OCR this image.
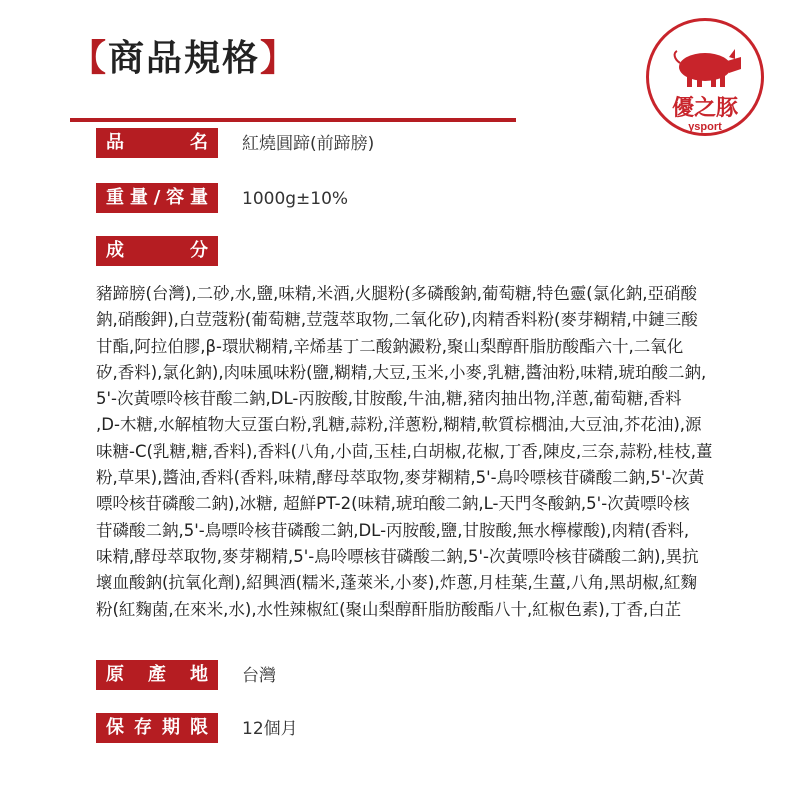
【商品規格】
優之豚
ysport
品	名 紅燒圓蹄(前蹄膀)
重 量 / 容 量 1000g±10%
成	分
豬蹄膀(台灣),二砂,水,鹽,味精,米酒,火腿粉(多磷酸鈉,葡萄糖,特色靈(氯化鈉,亞硝酸
鈉,硝酸鉀),白荳蔻粉(葡萄糖,荳蔻萃取物,二氧化矽),肉精香料粉(麥芽糊精,中鏈三酸
甘酯,阿拉伯膠,β-環狀糊精,辛烯基丁二酸鈉澱粉,聚山梨醇酐脂肪酸酯六十,二氧化
矽,香料),氯化鈉),肉味風味粉(鹽,糊精,大豆,玉米,小麥,乳糖,醬油粉,味精,琥珀酸二鈉,
5'-次黃嘌呤核苷酸二鈉,DL-丙胺酸,甘胺酸,牛油,糖,豬肉抽出物,洋蔥,葡萄糖,香料
,D-木糖,水解植物大豆蛋白粉,乳糖,蒜粉,洋蔥粉,糊精,軟質棕櫚油,大豆油,芥花油),源
味糖-C(乳糖,糖,香料),香料(八角,小茴,玉桂,白胡椒,花椒,丁香,陳皮,三奈,蒜粉,桂枝,薑
粉,草果),醬油,香料(香料,味精,酵母萃取物,麥芽糊精,5'-鳥呤嘌核苷磷酸二鈉,5'-次黃
嘌呤核苷磷酸二鈉),冰糖, 超鮮PT-2(味精,琥珀酸二鈉,L-天門冬酸鈉,5'-次黃嘌呤核
苷磷酸二鈉,5'-鳥嘌呤核苷磷酸二鈉,DL-丙胺酸,鹽,甘胺酸,無水檸檬酸),肉精(香料,
味精,酵母萃取物,麥芽糊精,5'-鳥呤嘌核苷磷酸二鈉,5'-次黃嘌呤核苷磷酸二鈉),異抗
壞血酸鈉(抗氧化劑),紹興酒(糯米,蓬萊米,小麥),炸蔥,月桂葉,生薑,八角,黑胡椒,紅麴
粉(紅麴菌,在來米,水),水性辣椒紅(聚山梨醇酐脂肪酸酯八十,紅椒色素),丁香,白芷
原 產 地 台灣
保 存 期 限 12個月
